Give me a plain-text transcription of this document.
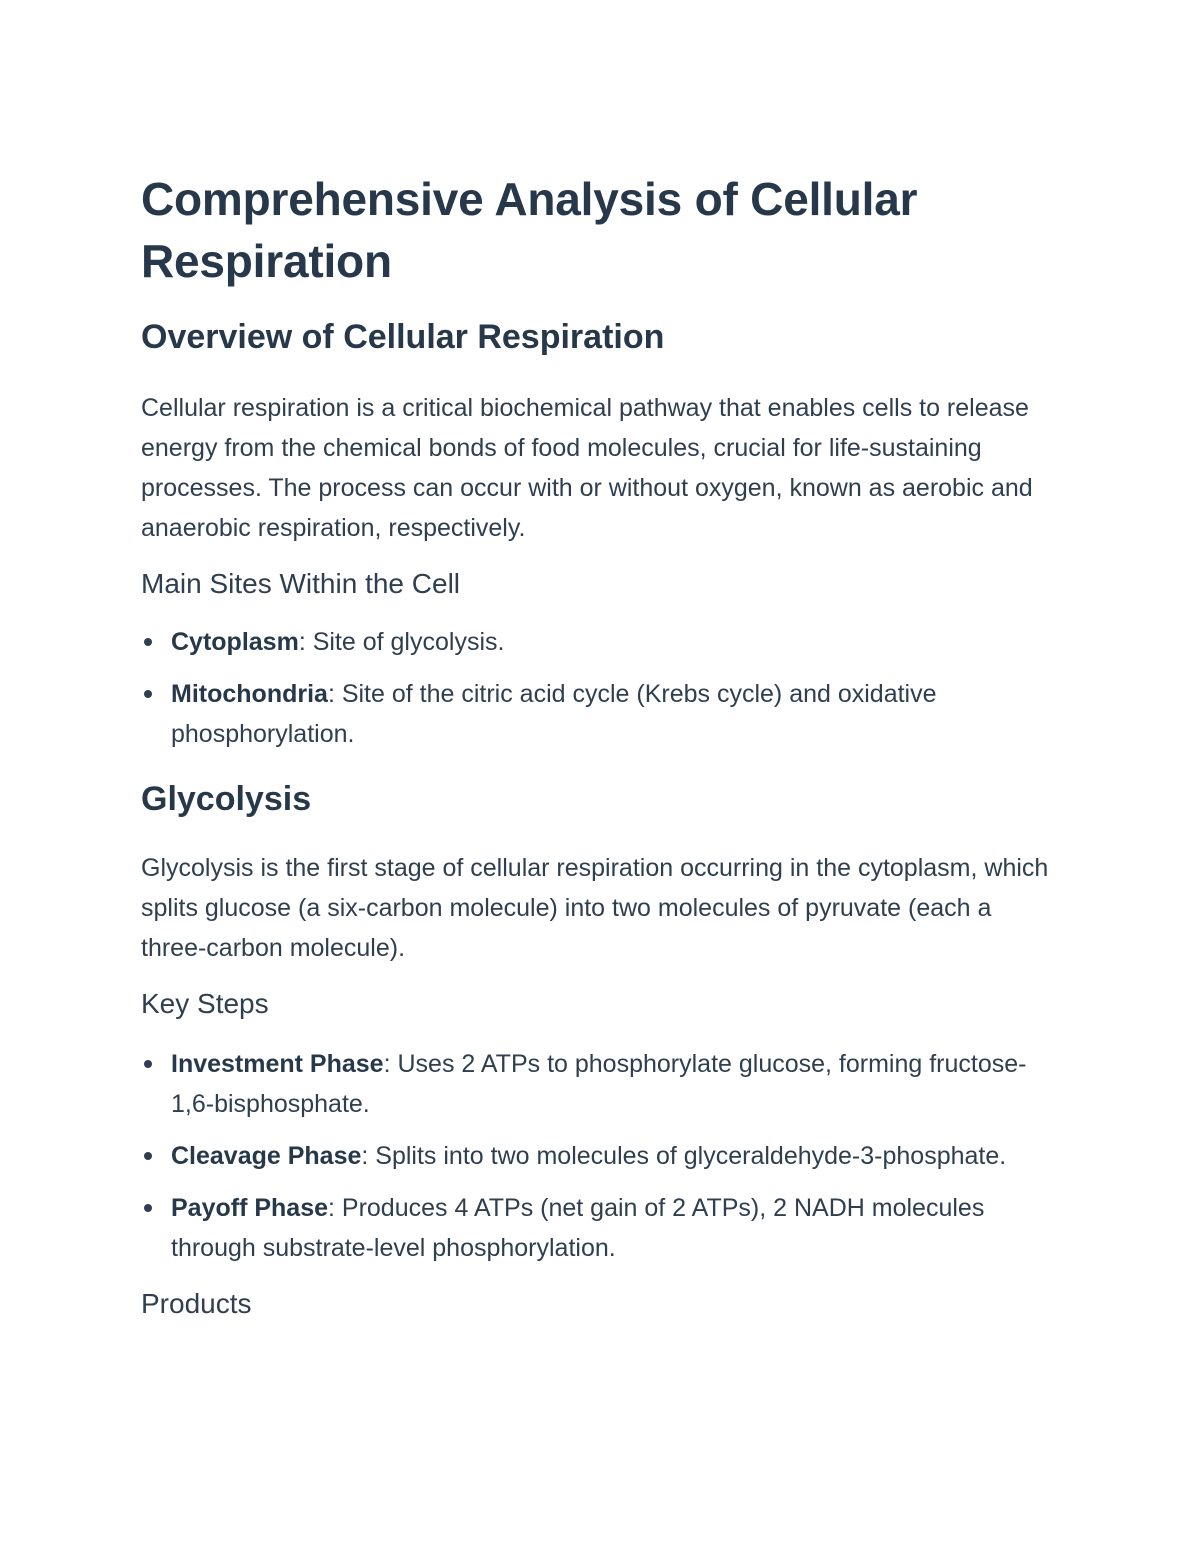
Comprehensive Analysis of Cellular Respiration
Overview of Cellular Respiration

Cellular respiration is a critical biochemical pathway that enables cells to release energy from the chemical bonds of food molecules, crucial for life-sustaining processes. The process can occur with or without oxygen, known as aerobic and anaerobic respiration, respectively.

Main Sites Within the Cell
Cytoplasm: Site of glycolysis.
Mitochondria: Site of the citric acid cycle (Krebs cycle) and oxidative phosphorylation.
Glycolysis

Glycolysis is the first stage of cellular respiration occurring in the cytoplasm, which splits glucose (a six-carbon molecule) into two molecules of pyruvate (each a three-carbon molecule).

Key Steps
Investment Phase: Uses 2 ATPs to phosphorylate glucose, forming fructose-1,6-bisphosphate.
Cleavage Phase: Splits into two molecules of glyceraldehyde-3-phosphate.
Payoff Phase: Produces 4 ATPs (net gain of 2 ATPs), 2 NADH molecules through substrate-level phosphorylation.
Products
